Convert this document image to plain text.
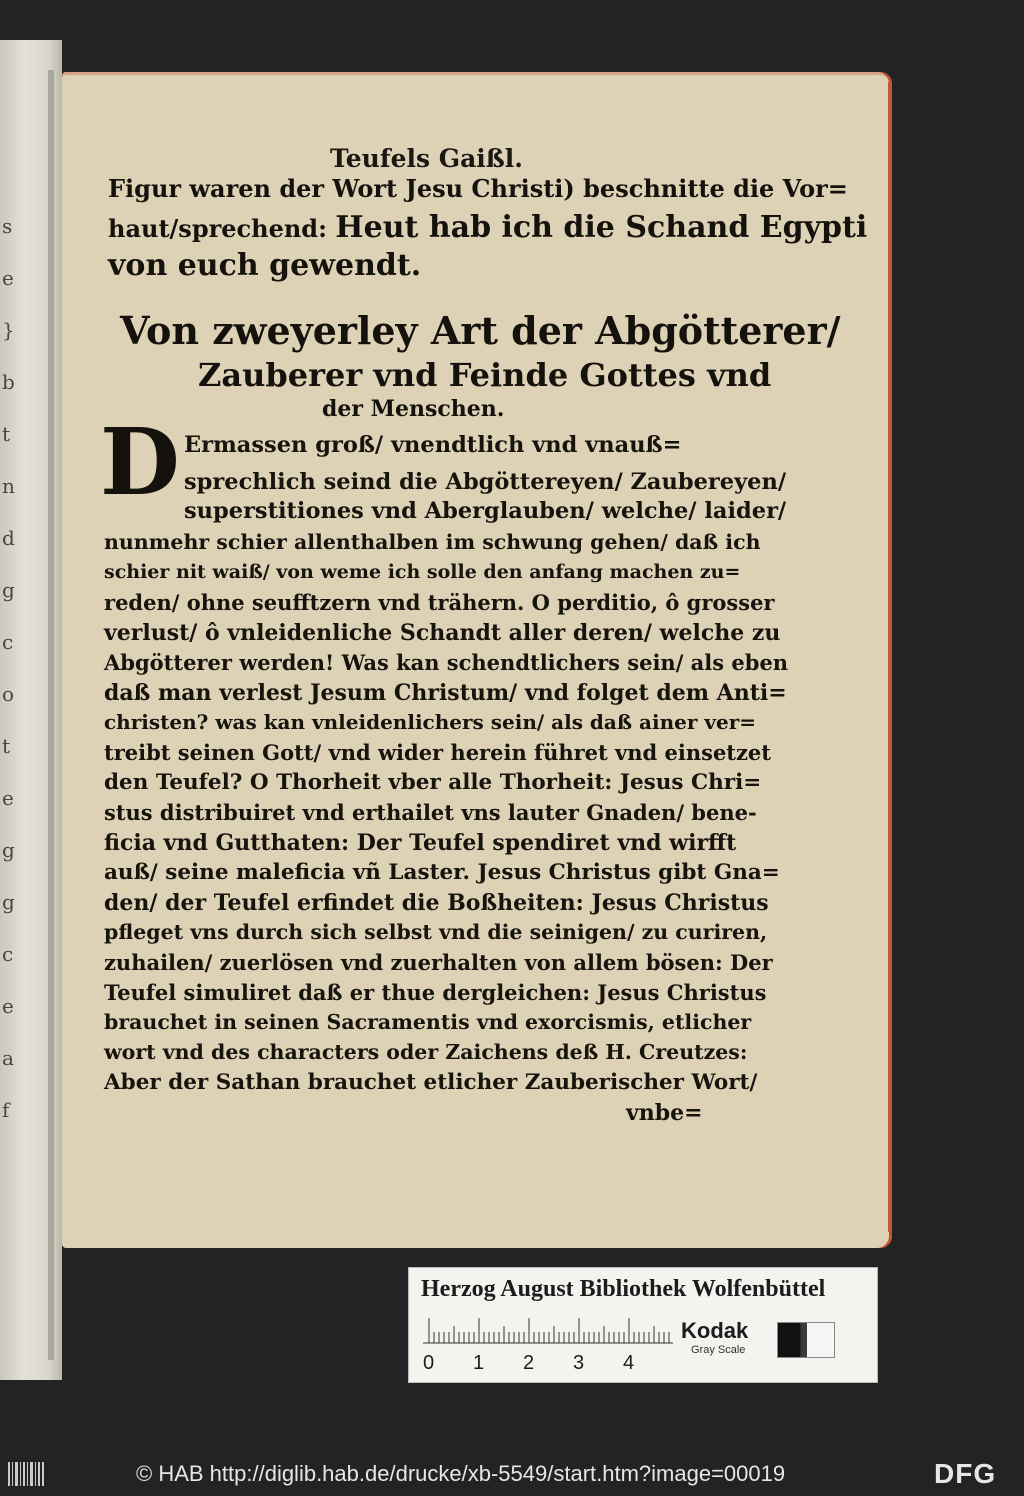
s
e
}
b
t
n
d
g
c
o
t
e
g
g
c
e
a
f
Teufels Gaißl.
Figur waren der Wort Jesu Christi) beschnitte die Vor=
haut/sprechend: Heut hab ich die Schand Egypti
von euch gewendt.
Von zweyerley Art der Abgötterer/
Zauberer vnd Feinde Gottes vnd
der Menschen.
D Ermassen groß/ vnendtlich vnd vnauß=
sprechlich seind die Abgöttereyen/ Zaubereyen/
superstitiones vnd Aberglauben/ welche/ laider/
nunmehr schier allenthalben im schwung gehen/ daß ich
schier nit waiß/ von weme ich solle den anfang machen zu=
reden/ ohne seufftzern vnd trähern. O perditio, ô grosser
verlust/ ô vnleidenliche Schandt aller deren/ welche zu
Abgötterer werden! Was kan schendtlichers sein/ als eben
daß man verlest Jesum Christum/ vnd folget dem Anti=
christen? was kan vnleidenlichers sein/ als daß ainer ver=
treibt seinen Gott/ vnd wider herein führet vnd einsetzet
den Teufel? O Thorheit vber alle Thorheit: Jesus Chri=
stus distribuiret vnd erthailet vns lauter Gnaden/ bene-
ficia vnd Gutthaten: Der Teufel spendiret vnd wirfft
auß/ seine maleficia vñ Laster. Jesus Christus gibt Gna=
den/ der Teufel erfindet die Boßheiten: Jesus Christus
pfleget vns durch sich selbst vnd die seinigen/ zu curiren,
zuhailen/ zuerlösen vnd zuerhalten von allem bösen: Der
Teufel simuliret daß er thue dergleichen: Jesus Christus
brauchet in seinen Sacramentis vnd exorcismis, etlicher
wort vnd des characters oder Zaichens deß H. Creutzes:
Aber der Sathan brauchet etlicher Zauberischer Wort/
vnbe=
Herzog August Bibliothek Wolfenbüttel
0 1 2 3 4
Kodak
Gray Scale
© HAB http://diglib.hab.de/drucke/xb-5549/start.htm?image=00019	DFG
